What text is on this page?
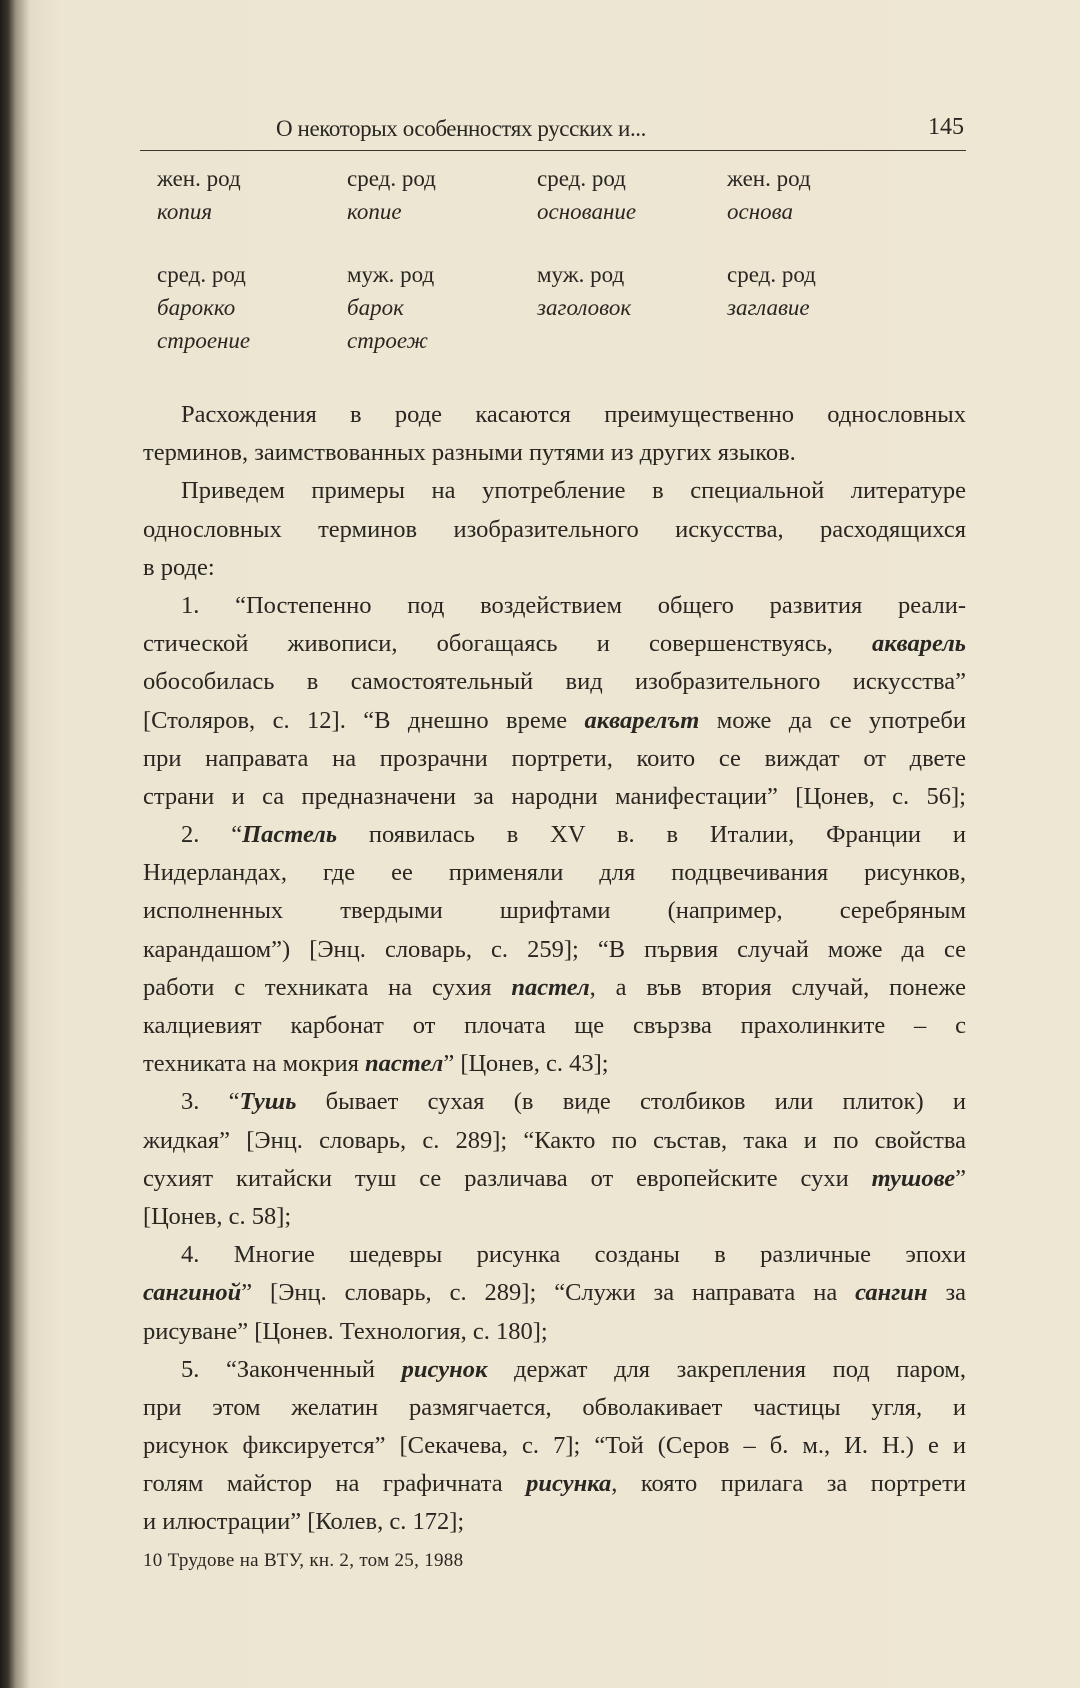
О некоторых особенностях русских и...	145
жен. род	сред. род	сред. род	жен. род
копия	копие	основание	основа
сред. род	муж. род	муж. род	сред. род
барокко	барок	заголовок	заглавие
строение	строеж
Расхождения в роде касаются преимущественно однословных
терминов, заимствованных разными путями из других языков.
Приведем примеры на употребление в специальной литературе
однословных терминов изобразительного искусства, расходящихся
в роде:
1. “Постепенно под воздействием общего развития реали-
стической живописи, обогащаясь и совершенствуясь, акварель
обособилась в самостоятельный вид изобразительного искусства”
[Столяров, с. 12]. “В днешно време акварелът може да се употреби
при направата на прозрачни портрети, които се виждат от двете
страни и са предназначени за народни манифестации” [Цонев, с. 56];
2. “Пастель появилась в XV в. в Италии, Франции и
Нидерландах, где ее применяли для подцвечивания рисунков,
исполненных твердыми шрифтами (например, серебряным
карандашом”) [Энц. словарь, с. 259]; “В първия случай може да се
работи с техниката на сухия пастел, а във втория случай, понеже
калциевият карбонат от плочата ще свързва прахолинките – с
техниката на мокрия пастел” [Цонев, с. 43];
3. “Тушь бывает сухая (в виде столбиков или плиток) и
жидкая” [Энц. словарь, с. 289]; “Както по състав, така и по свойства
сухият китайски туш се различава от европейските сухи тушове”
[Цонев, с. 58];
4. Многие шедевры рисунка созданы в различные эпохи
сангиной” [Энц. словарь, с. 289]; “Служи за направата на сангин за
рисуване” [Цонев. Технология, с. 180];
5. “Законченный рисунок держат для закрепления под паром,
при этом желатин размягчается, обволакивает частицы угля, и
рисунок фиксируется” [Секачева, с. 7]; “Той (Серов – б. м., И. Н.) е и
голям майстор на графичната рисунка, която прилага за портрети
и илюстрации” [Колев, с. 172];
10 Трудове на ВТУ, кн. 2, том 25, 1988
